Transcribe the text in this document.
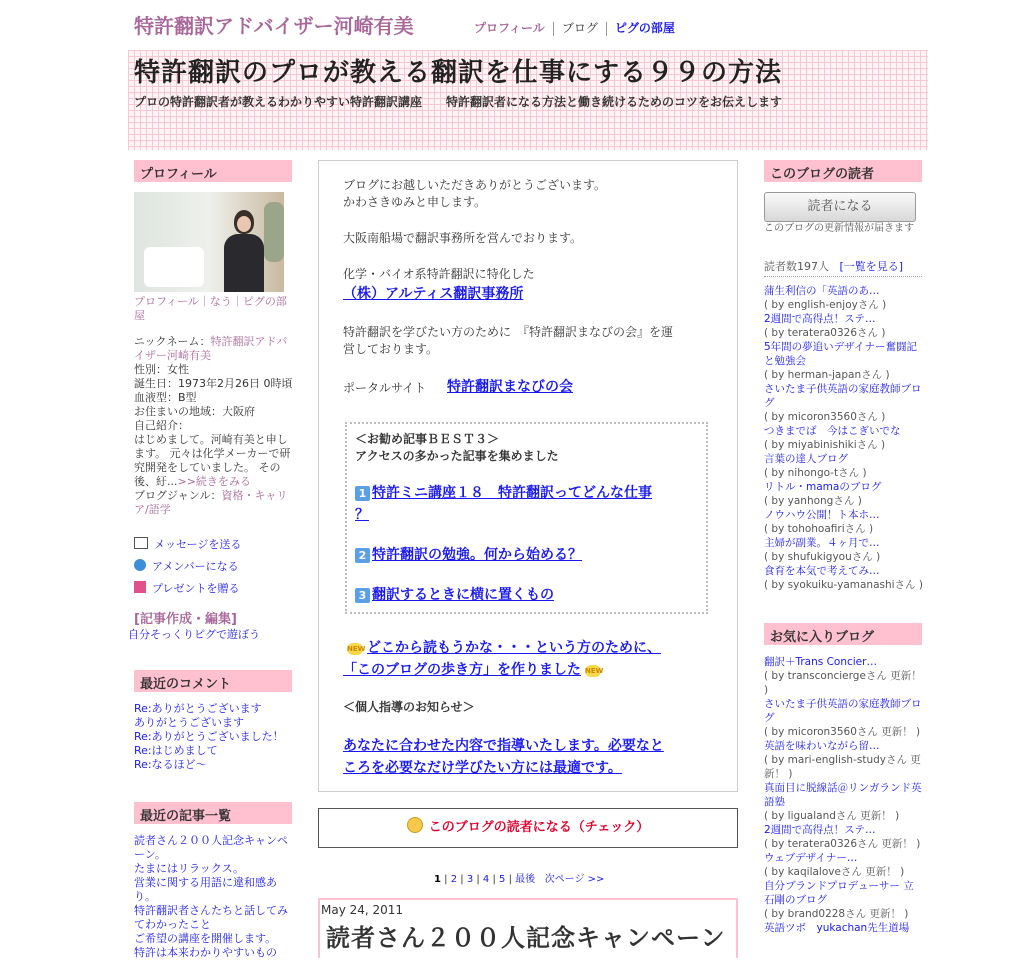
特許翻訳アドバイザー河崎有美	プロフィール ブログ ピグの部屋
特許翻訳のプロが教える翻訳を仕事にする９９の方法
プロの特許翻訳者が教えるわかりやすい特許翻訳講座　　特許翻訳者になる方法と働き続けるためのコツをお伝えします
プロフィール
プロフィール｜なう｜ピグの部屋
ニックネーム：特許翻訳アドバイザー河崎有美
性別：女性
誕生日：1973年2月26日 0時頃
血液型：B型
お住まいの地域：大阪府
自己紹介：
はじめまして。河崎有美と申します。 元々は化学メーカーで研究開発をしていました。 その後、紆...>>続きをみる
ブログジャンル：資格・キャリア/語学
メッセージを送る
アメンバーになる
プレゼントを贈る
[記事作成・編集]
自分そっくりピグで遊ぼう
最近のコメント
Re:ありがとうございます
ありがとうございます
Re:ありがとうございました！
Re:はじめまして
Re:なるほど～
最近の記事一覧
読者さん２００人記念キャンペーン。
たまにはリラックス。
営業に関する用語に違和感あり。
特許翻訳者さんたちと話してみてわかったこと
ご希望の講座を開催します。
特許は本来わかりやすいもの
ブログにお越しいただきありがとうございます。
かわさきゆみと申します。
大阪南船場で翻訳事務所を営んでおります。
化学・バイオ系特許翻訳に特化した
（株）アルティス翻訳事務所
特許翻訳を学びたい方のために　『特許翻訳まなびの会』を運
営しております。
ポータルサイト 特許翻訳まなびの会
＜お勧め記事ＢＥＳＴ３＞
アクセスの多かった記事を集めました
1 特許ミニ講座１８　特許翻訳ってどんな仕事
？
2 特許翻訳の勉強。何から始める？
3 翻訳するときに横に置くもの
NEW どこから読もうかな・・・という方のために、
「このブログの歩き方」を作りました NEW
＜個人指導のお知らせ＞
あなたに合わせた内容で指導いたします。必要なと
ころを必要なだけ学びたい方には最適です。
このブログの読者になる（チェック）
1 | 2 | 3 | 4 | 5 | 最後 次ページ >>
May 24, 2011
読者さん２００人記念キャンペーン
このブログの読者
読者になる
このブログの更新情報が届きます
読者数197人 [一覧を見る]
蒲生利信の「英語のあ…
( by english-enjoyさん )
2週間で高得点！ステ…
( by teratera0326さん )
5年間の夢追いデザイナー奮闘記と勉強会
( by herman-japanさん )
さいたま子供英語の家庭教師ブログ
( by micoron3560さん )
つきまでば　今はこぎいでな
( by miyabinishikiさん )
言葉の達人ブログ
( by nihongo-tさん )
リトル・mamaのブログ
( by yanhongさん )
ノウハウ公開！ト本ホ…
( by tohohoafiriさん )
主婦が副業。４ヶ月で…
( by shufukigyouさん )
食育を本気で考えてみ…
( by syokuiku-yamanashiさん )
お気に入りブログ
翻訳＋Trans Concier…
( by transconciergeさん 更新！ )
さいたま子供英語の家庭教師ブログ
( by micoron3560さん 更新！ )
英語を味わいながら留…
( by mari-english-studyさん 更新！ )
真面目に脱線話＠リンガランド英語塾
( by ligualandさん 更新！ )
2週間で高得点！ステ…
( by teratera0326さん 更新！ )
ウェブデザイナー…
( by kaqilaloveさん 更新！ )
自分ブランドプロデューサー 立石剛のブログ
( by brand0228さん 更新！ )
英語ツボ　yukachan先生道場
